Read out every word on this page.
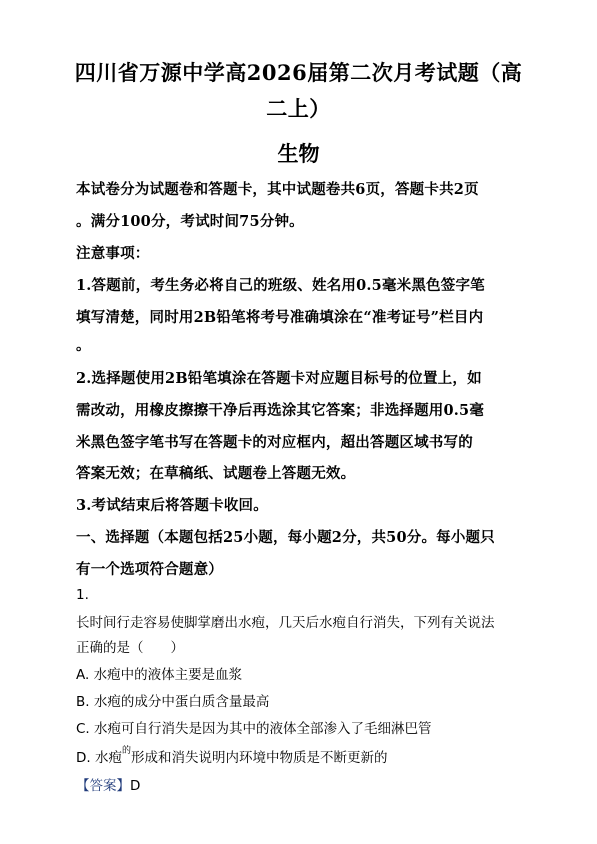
四川省万源中学高2026届第二次月考试题（高
二上）
生物
本试卷分为试题卷和答题卡，其中试题卷共6页，答题卡共2页
。满分100分，考试时间75分钟。
注意事项：
1.答题前，考生务必将自己的班级、姓名用0.5毫米黑色签字笔
填写清楚，同时用2B铅笔将考号准确填涂在“准考证号”栏目内
。
2.选择题使用2B铅笔填涂在答题卡对应题目标号的位置上，如
需改动，用橡皮擦擦干净后再选涂其它答案；非选择题用0.5毫
米黑色签字笔书写在答题卡的对应框内，超出答题区域书写的
答案无效；在草稿纸、试题卷上答题无效。
3.考试结束后将答题卡收回。
一、选择题（本题包括25小题，每小题2分，共50分。每小题只
有一个选项符合题意）
1.
长时间行走容易使脚掌磨出水疱，几天后水疱自行消失，下列有关说法
正确的是（　　）
A. 水疱中的液体主要是血浆
B. 水疱的成分中蛋白质含量最高
C. 水疱可自行消失是因为其中的液体全部渗入了毛细淋巴管
D. 水疱$^的$形成和消失说明内环境中物质是不断更新的
【答案】D
